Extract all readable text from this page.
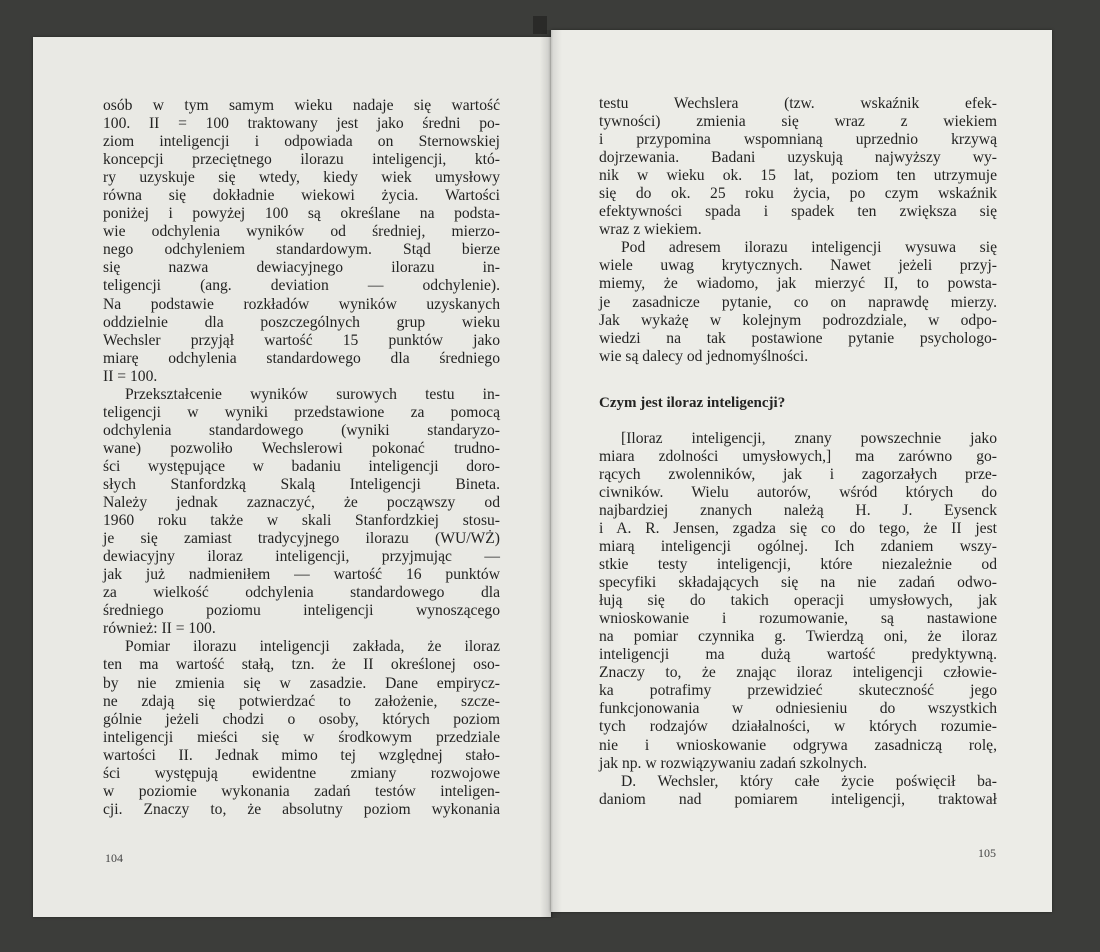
osób w tym samym wieku nadaje się wartość
100. II = 100 traktowany jest jako średni po-
ziom inteligencji i odpowiada on Sternowskiej
koncepcji przeciętnego ilorazu inteligencji, któ-
ry uzyskuje się wtedy, kiedy wiek umysłowy
równa się dokładnie wiekowi życia. Wartości
poniżej i powyżej 100 są określane na podsta-
wie odchylenia wyników od średniej, mierzo-
nego odchyleniem standardowym. Stąd bierze
się nazwa dewiacyjnego ilorazu in-
teligencji (ang. deviation — odchylenie).
Na podstawie rozkładów wyników uzyskanych
oddzielnie dla poszczególnych grup wieku
Wechsler przyjął wartość 15 punktów jako
miarę odchylenia standardowego dla średniego
II = 100.
Przekształcenie wyników surowych testu in-
teligencji w wyniki przedstawione za pomocą
odchylenia standardowego (wyniki standaryzo-
wane) pozwoliło Wechslerowi pokonać trudno-
ści występujące w badaniu inteligencji doro-
słych Stanfordzką Skalą Inteligencji Bineta.
Należy jednak zaznaczyć, że począwszy od
1960 roku także w skali Stanfordzkiej stosu-
je się zamiast tradycyjnego ilorazu (WU/WŻ)
dewiacyjny iloraz inteligencji, przyjmując —
jak już nadmieniłem — wartość 16 punktów
za wielkość odchylenia standardowego dla
średniego poziomu inteligencji wynoszącego
również: II = 100.
Pomiar ilorazu inteligencji zakłada, że iloraz
ten ma wartość stałą, tzn. że II określonej oso-
by nie zmienia się w zasadzie. Dane empirycz-
ne zdają się potwierdzać to założenie, szcze-
gólnie jeżeli chodzi o osoby, których poziom
inteligencji mieści się w środkowym przedziale
wartości II. Jednak mimo tej względnej stało-
ści występują ewidentne zmiany rozwojowe
w poziomie wykonania zadań testów inteligen-
cji. Znaczy to, że absolutny poziom wykonania
104
testu Wechslera (tzw. wskaźnik efek-
tywności) zmienia się wraz z wiekiem
i przypomina wspomnianą uprzednio krzywą
dojrzewania. Badani uzyskują najwyższy wy-
nik w wieku ok. 15 lat, poziom ten utrzymuje
się do ok. 25 roku życia, po czym wskaźnik
efektywności spada i spadek ten zwiększa się
wraz z wiekiem.
Pod adresem ilorazu inteligencji wysuwa się
wiele uwag krytycznych. Nawet jeżeli przyj-
miemy, że wiadomo, jak mierzyć II, to powsta-
je zasadnicze pytanie, co on naprawdę mierzy.
Jak wykażę w kolejnym podrozdziale, w odpo-
wiedzi na tak postawione pytanie psychologo-
wie są dalecy od jednomyślności.
Czym jest iloraz inteligencji?
[Iloraz inteligencji, znany powszechnie jako
miara zdolności umysłowych,] ma zarówno go-
rących zwolenników, jak i zagorzałych prze-
ciwników. Wielu autorów, wśród których do
najbardziej znanych należą H. J. Eysenck
i A. R. Jensen, zgadza się co do tego, że II jest
miarą inteligencji ogólnej. Ich zdaniem wszy-
stkie testy inteligencji, które niezależnie od
specyfiki składających się na nie zadań odwo-
łują się do takich operacji umysłowych, jak
wnioskowanie i rozumowanie, są nastawione
na pomiar czynnika g. Twierdzą oni, że iloraz
inteligencji ma dużą wartość predyktywną.
Znaczy to, że znając iloraz inteligencji człowie-
ka potrafimy przewidzieć skuteczność jego
funkcjonowania w odniesieniu do wszystkich
tych rodzajów działalności, w których rozumie-
nie i wnioskowanie odgrywa zasadniczą rolę,
jak np. w rozwiązywaniu zadań szkolnych.
D. Wechsler, który całe życie poświęcił ba-
daniom nad pomiarem inteligencji, traktował
105
